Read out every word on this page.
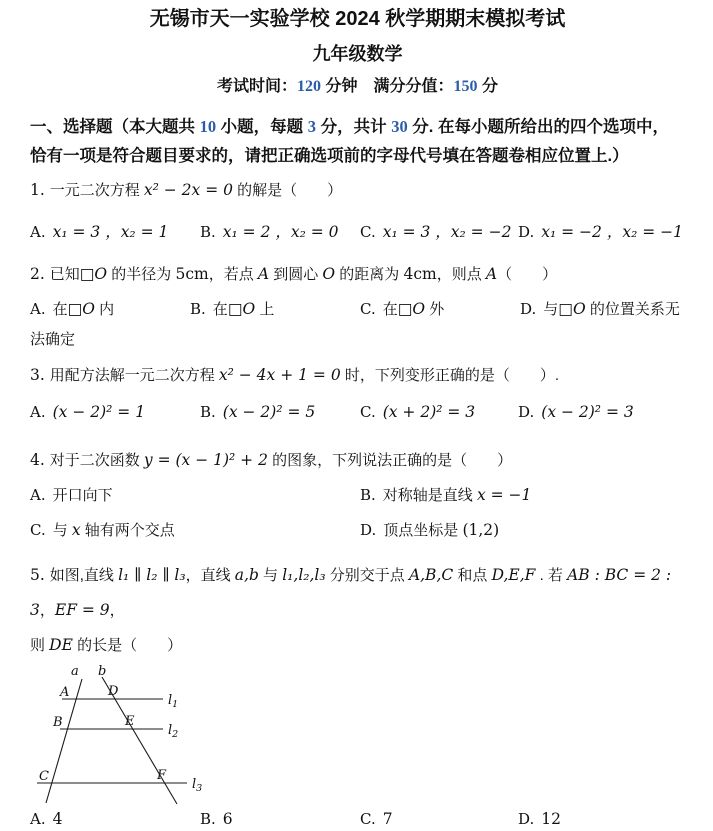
无锡市天一实验学校 2024 秋学期期末模拟考试
九年级数学
考试时间：120 分钟　满分分值：150 分
一、选择题（本大题共 10 小题，每题 3 分，共计 30 分. 在每小题所给出的四个选项中，
恰有一项是符合题目要求的，请把正确选项前的字母代号填在答题卷相应位置上.）

1. 一元二次方程 x² − 2x = 0 的解是（　　）

A. x₁ = 3 ，x₂ = 1	B. x₁ = 2 ，x₂ = 0	C. x₁ = 3 ，x₂ = −2 D. x₁ = −2 ，x₂ = −1

2. 已知□O 的半径为 5cm，若点 A 到圆心 O 的距离为 4cm，则点 A（　　）

A. 在□O 内	B. 在□O 上	C. 在□O 外	D. 与□O 的位置关系无法确定

3. 用配方法解一元二次方程 x² − 4x + 1 = 0 时，下列变形正确的是（　　）.

A. (x − 2)² = 1	B. (x − 2)² = 5	C. (x + 2)² = 3	D. (x − 2)² = 3

4. 对于二次函数 y = (x − 1)² + 2 的图象，下列说法正确的是（　　）

A. 开口向下	B. 对称轴是直线 x = −1
C. 与 x 轴有两个交点	D. 顶点坐标是 (1,2)

5. 如图,直线 l₁ ∥ l₂ ∥ l₃，直线 a,b 与 l₁,l₂,l₃ 分别交于点 A,B,C 和点 D,E,F . 若 AB : BC = 2 : 3，EF = 9，

则 DE 的长是（　　）

a b
A	D
B	E
C	F
$l_1$
$l_2$
$l_3$
A. 4	B. 6	C. 7	D. 12
